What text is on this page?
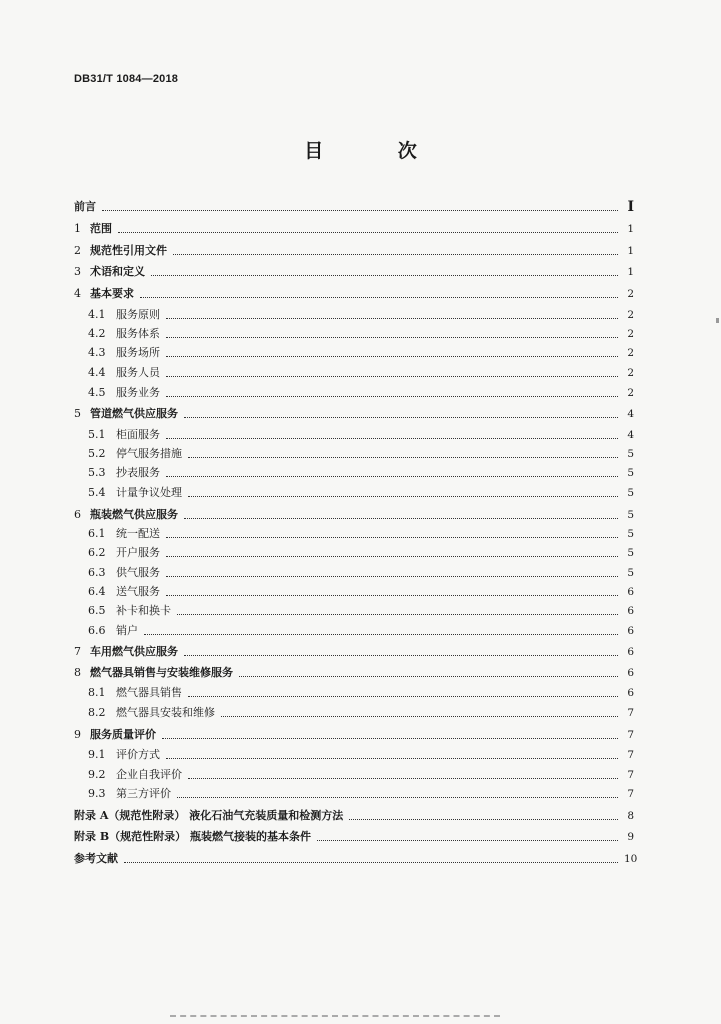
DB31/T 1084—2018
目 次
前言	I
1 范围	1
2 规范性引用文件	1
3 术语和定义	1
4 基本要求	2
4.1 服务原则	2
4.2 服务体系	2
4.3 服务场所	2
4.4 服务人员	2
4.5 服务业务	2
5 管道燃气供应服务	4
5.1 柜面服务	4
5.2 停气服务措施	5
5.3 抄表服务	5
5.4 计量争议处理	5
6 瓶装燃气供应服务	5
6.1 统一配送	5
6.2 开户服务	5
6.3 供气服务	5
6.4 送气服务	6
6.5 补卡和换卡	6
6.6 销户	6
7 车用燃气供应服务	6
8 燃气器具销售与安装维修服务	6
8.1 燃气器具销售	6
8.2 燃气器具安装和维修	7
9 服务质量评价	7
9.1 评价方式	7
9.2 企业自我评价	7
9.3 第三方评价	7
附录 A（规范性附录） 液化石油气充装质量和检测方法	8
附录 B（规范性附录） 瓶装燃气接装的基本条件	9
参考文献	10
